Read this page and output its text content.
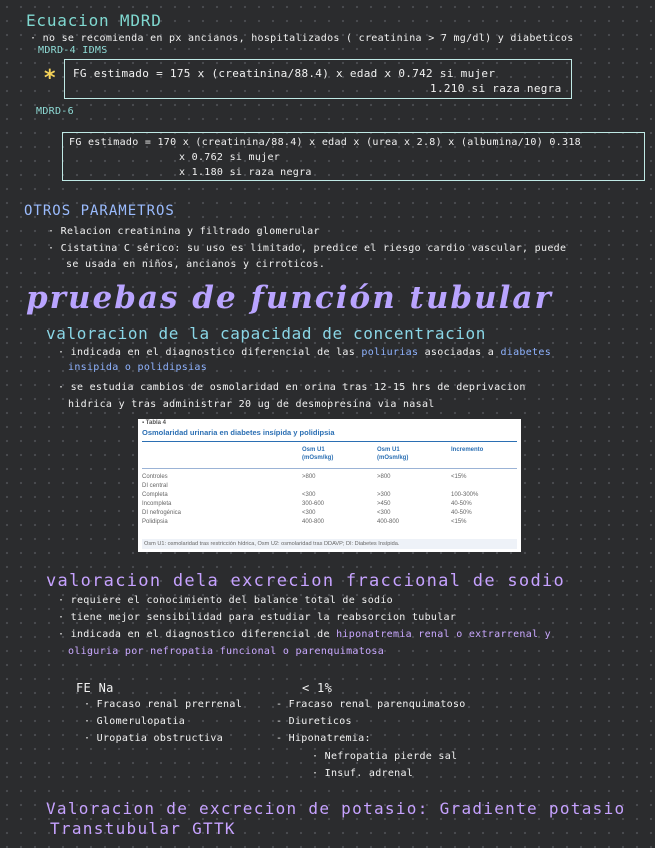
Ecuacion MDRD
· no se recomienda en px ancianos, hospitalizados ( creatinina > 7 mg/dl) y diabeticos
MDRD-4 IDMS
* FG estimado = 175 x (creatinina/88.4) x edad x 0.742 si mujer
1.210 si raza negra
MDRD-6
FG estimado = 170 x (creatinina/88.4) x edad x (urea x 2.8) x (albumina/10) 0.318
x 0.762 si mujer
x 1.180 si raza negra
OTROS PARAMETROS
· Relacion creatinina y filtrado glomerular
· Cistatina C sérico: su uso es limitado, predice el riesgo cardio vascular, puede
se usada en niños, ancianos y cirroticos.
pruebas de función tubular
valoracion de la capacidad de concentracion
· indicada en el diagnostico diferencial de las poliurias asociadas a diabetes
insipida o polidipsias
· se estudia cambios de osmolaridad en orina tras 12-15 hrs de deprivacion
hidrica y tras administrar 20 ug de desmopresina via nasal
▪ Tabla 4
Osmolaridad urinaria en diabetes insípida y polidipsia
Osm U1
(mOsm/kg)
Osm U1
(mOsm/kg)
Incremento
Controles	>800	>800	<15%
DI central
Completa	<300	>300	100-300%
Incompleta	300-600	>450	40-50%
DI nefrogénica	<300	<300	40-50%
Polidipsia	400-800	400-800	<15%
Osm U1: osmolaridad tras restricción hídrica, Osm U2: osmolaridad tras DDAVP; DI: Diabetes Insípida.
valoracion dela excrecion fraccional de sodio
· requiere el conocimiento del balance total de sodio
· tiene mejor sensibilidad para estudiar la reabsorcion tubular
· indicada en el diagnostico diferencial de hiponatremia renal o extrarrenal y
oliguria por nefropatia funcional o parenquimatosa
FE Na	< 1%
· Fracaso renal prerrenal
· Glomerulopatia
· Uropatia obstructiva
- Fracaso renal parenquimatoso
- Diureticos
- Hiponatremia:
· Nefropatia pierde sal
· Insuf. adrenal
Valoracion de excrecion de potasio: Gradiente potasio
Transtubular GTTK
